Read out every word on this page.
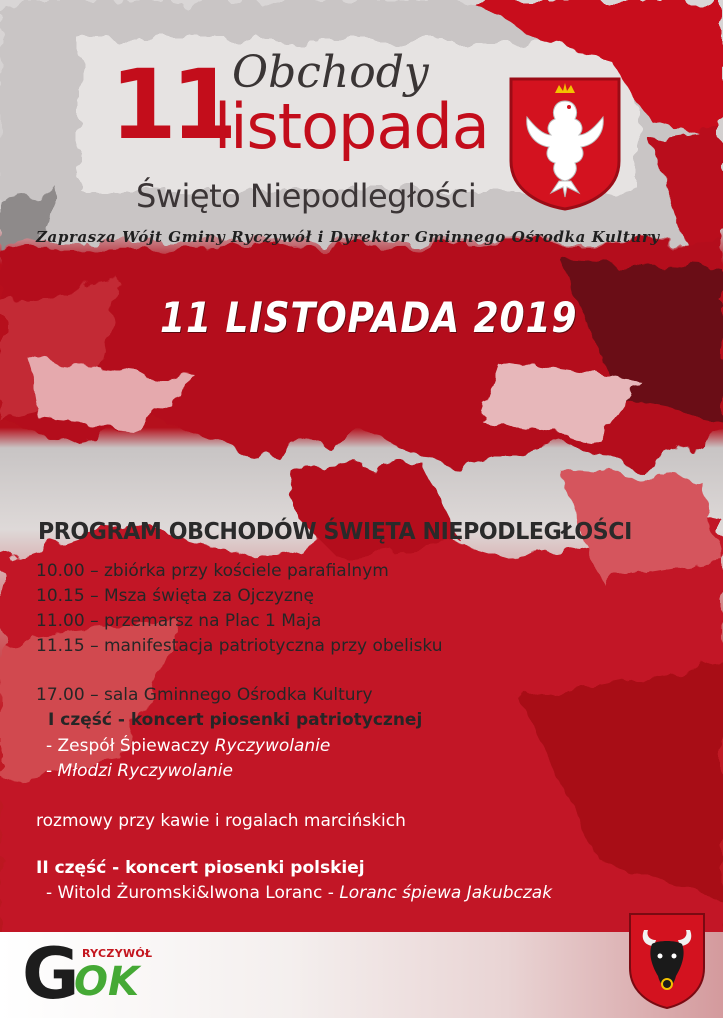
11 Obchody
listopada
Święto Niepodległości
Zaprasza Wójt Gminy Ryczywół i Dyrektor Gminnego Ośrodka Kultury
11 LISTOPADA 2019
PROGRAM OBCHODÓW ŚWIĘTA NIEPODLEGŁOŚCI
10.00 – zbiórka przy kościele parafialnym
10.15 – Msza święta za Ojczyznę
11.00 – przemarsz na Plac 1 Maja
11.15 – manifestacja patriotyczna przy obelisku
17.00 – sala Gminnego Ośrodka Kultury
I część - koncert piosenki patriotycznej
- Zespół Śpiewaczy Ryczywolanie
- Młodzi Ryczywolanie
rozmowy przy kawie i rogalach marcińskich
II część - koncert piosenki polskiej
- Witold Żuromski&Iwona Loranc - Loranc śpiewa Jakubczak
G RYCZYWÓŁ
OK
